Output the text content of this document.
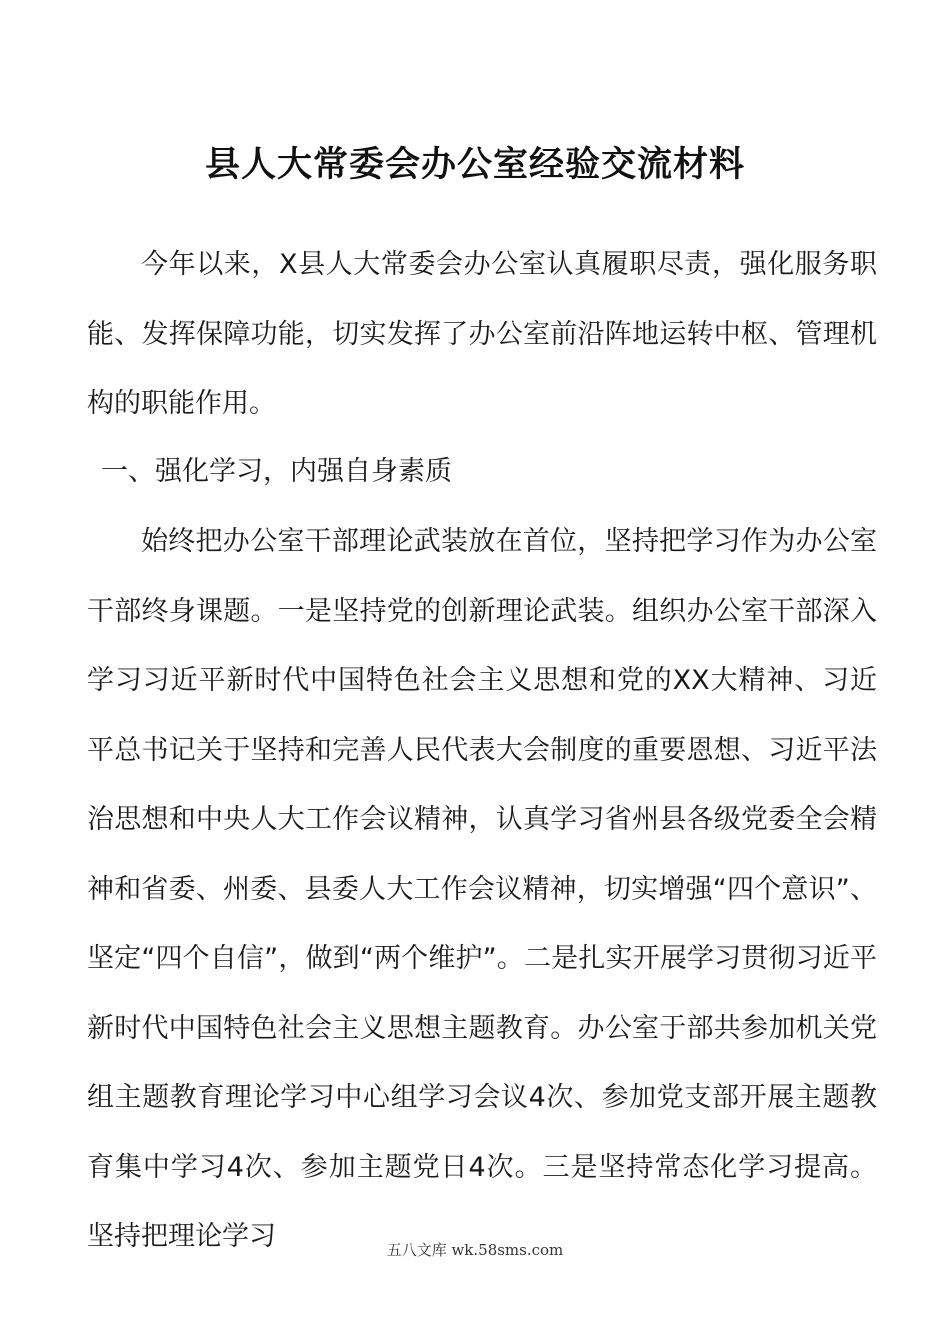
县人大常委会办公室经验交流材料
今年以来，X县人大常委会办公室认真履职尽责，强化服务职能、发挥保障功能，切实发挥了办公室前沿阵地运转中枢、管理机构的职能作用。
一、强化学习，内强自身素质
始终把办公室干部理论武装放在首位，坚持把学习作为办公室干部终身课题。一是坚持党的创新理论武装。组织办公室干部深入学习习近平新时代中国特色社会主义思想和党的XX大精神、习近平总书记关于坚持和完善人民代表大会制度的重要恩想、习近平法治思想和中央人大工作会议精神，认真学习省州县各级党委全会精神和省委、州委、县委人大工作会议精神，切实增强“四个意识”、坚定“四个自信”，做到“两个维护”。二是扎实开展学习贯彻习近平新时代中国特色社会主义思想主题教育。办公室于部共参加机关党组主题教育理论学习中心组学习会议4次、参加党支部开展主题教育集中学习4次、参加主题党日4次。三是坚持常态化学习提高。坚持把理论学习	五八文库 wk.58sms.com
